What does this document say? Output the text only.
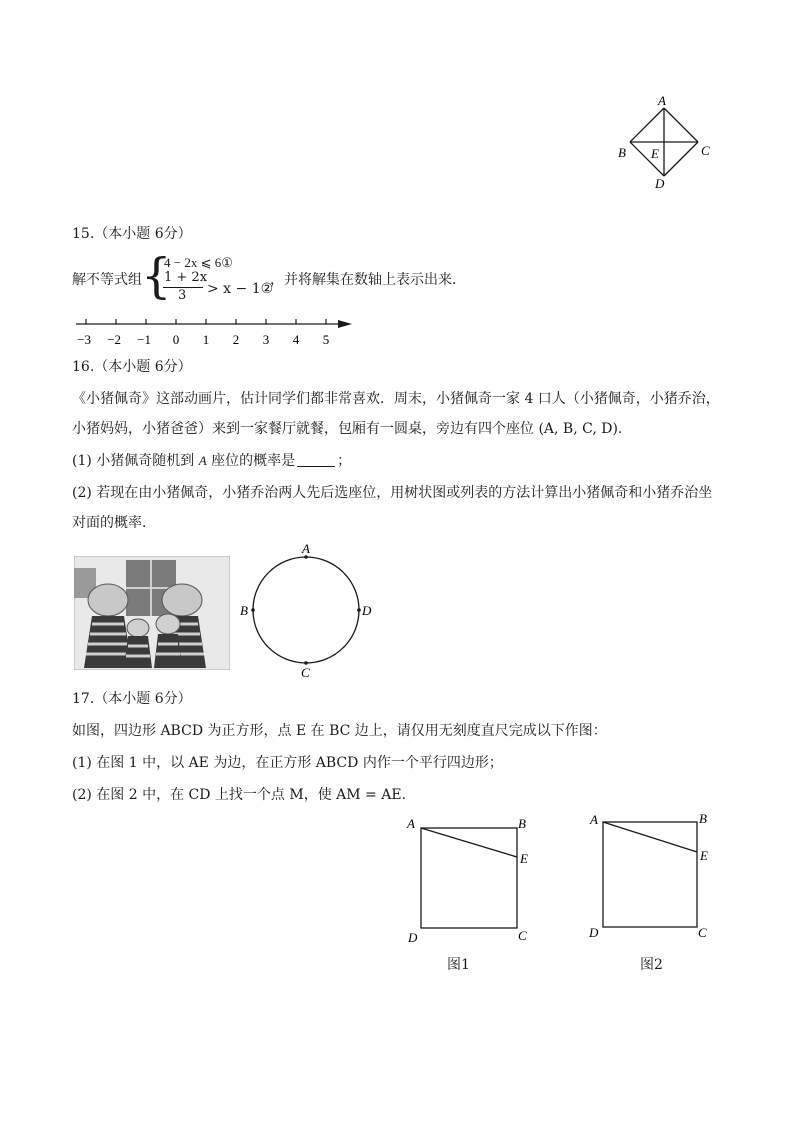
A
B E	C
D
15.（本小题 6分）
解不等式组 {
4 − 2x ⩽ 6①
1 + 2x
3 > x − 1②
，并将解集在数轴上表示出来．
−3 −2 −1 0 1 2 3 4 5
16.（本小题 6分）
《小猪佩奇》这部动画片，估计同学们都非常喜欢．周末，小猪佩奇一家 4 口人（小猪佩奇，小猪乔治，
小猪妈妈，小猪爸爸）来到一家餐厅就餐，包厢有一圆桌，旁边有四个座位 (A, B, C, D).
(1) 小猪佩奇随机到 A 座位的概率是	；
(2) 若现在由小猪佩奇，小猪乔治两人先后选座位，用树状图或列表的方法计算出小猪佩奇和小猪乔治坐
对面的概率．
A
B
C
D
17.（本小题 6分）
如图，四边形 ABCD 为正方形，点 E 在 BC 边上，请仅用无刻度直尺完成以下作图：
(1) 在图 1 中，以 AE 为边，在正方形 ABCD 内作一个平行四边形；
(2) 在图 2 中，在 CD 上找一个点 M，使 AM = AE.
A	B
E
C
D
图1
A	B
E
C
D
图2
